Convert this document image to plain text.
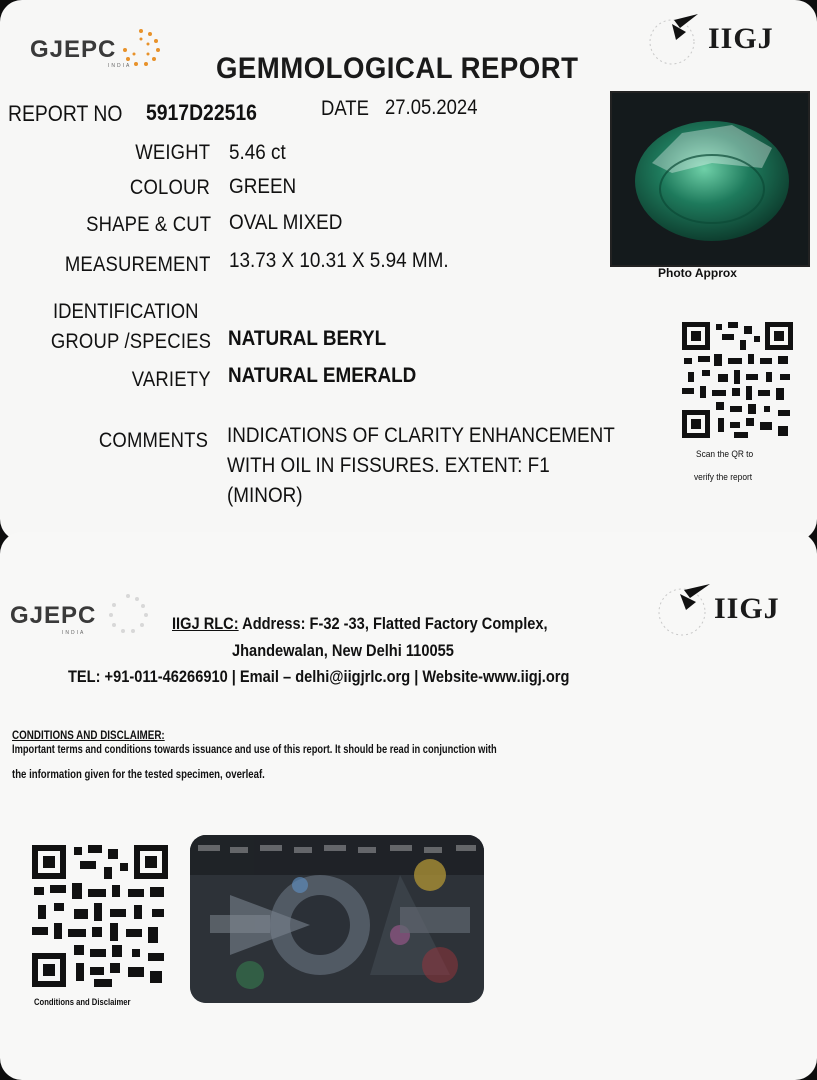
GJEPC
INDIA
IIGJ
GEMMOLOGICAL REPORT
REPORT NO 5917D22516	DATE 27.05.2024
WEIGHT 5.46 ct
COLOUR GREEN
SHAPE & CUT OVAL MIXED
MEASUREMENT 13.73 X 10.31 X 5.94 MM.
IDENTIFICATION
GROUP /SPECIES NATURAL BERYL
VARIETY NATURAL EMERALD
COMMENTS INDICATIONS OF CLARITY ENHANCEMENT
WITH OIL IN FISSURES. EXTENT: F1
(MINOR)
Photo Approx
Scan the QR to
verify the report
GJEPC
INDIA
IIGJ
IIGJ RLC: Address: F-32 -33, Flatted Factory Complex,
Jhandewalan, New Delhi 110055
TEL: +91-011-46266910 | Email – delhi@iigjrlc.org | Website-www.iigj.org
CONDITIONS AND DISCLAIMER:
Important terms and conditions towards issuance and use of this report. It should be read in conjunction with
the information given for the tested specimen, overleaf.
Conditions and Disclaimer
